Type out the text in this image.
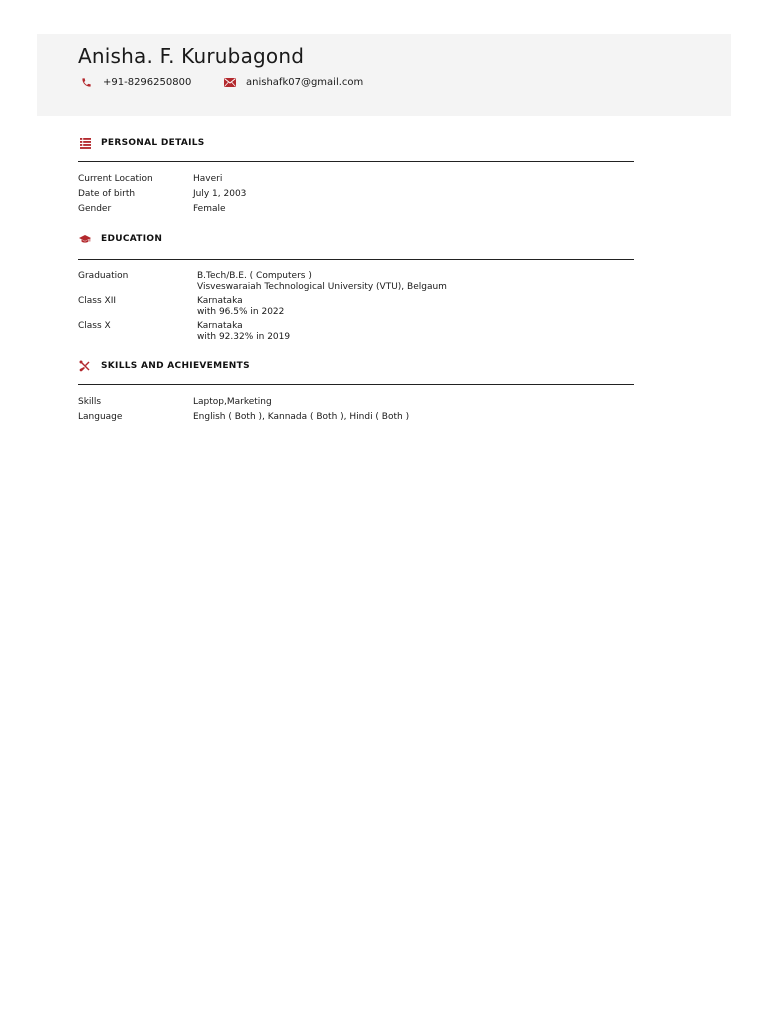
Anisha. F. Kurubagond
+91-8296250800	anishafk07@gmail.com
PERSONAL DETAILS
Current Location	Haveri
Date of birth	July 1, 2003
Gender	Female
EDUCATION
Graduation	B.Tech/B.E. ( Computers )
Visveswaraiah Technological University (VTU), Belgaum
Class XII	Karnataka
with 96.5% in 2022
Class X	Karnataka
with 92.32% in 2019
SKILLS AND ACHIEVEMENTS
Skills	Laptop,Marketing
Language	English ( Both ), Kannada ( Both ), Hindi ( Both )
